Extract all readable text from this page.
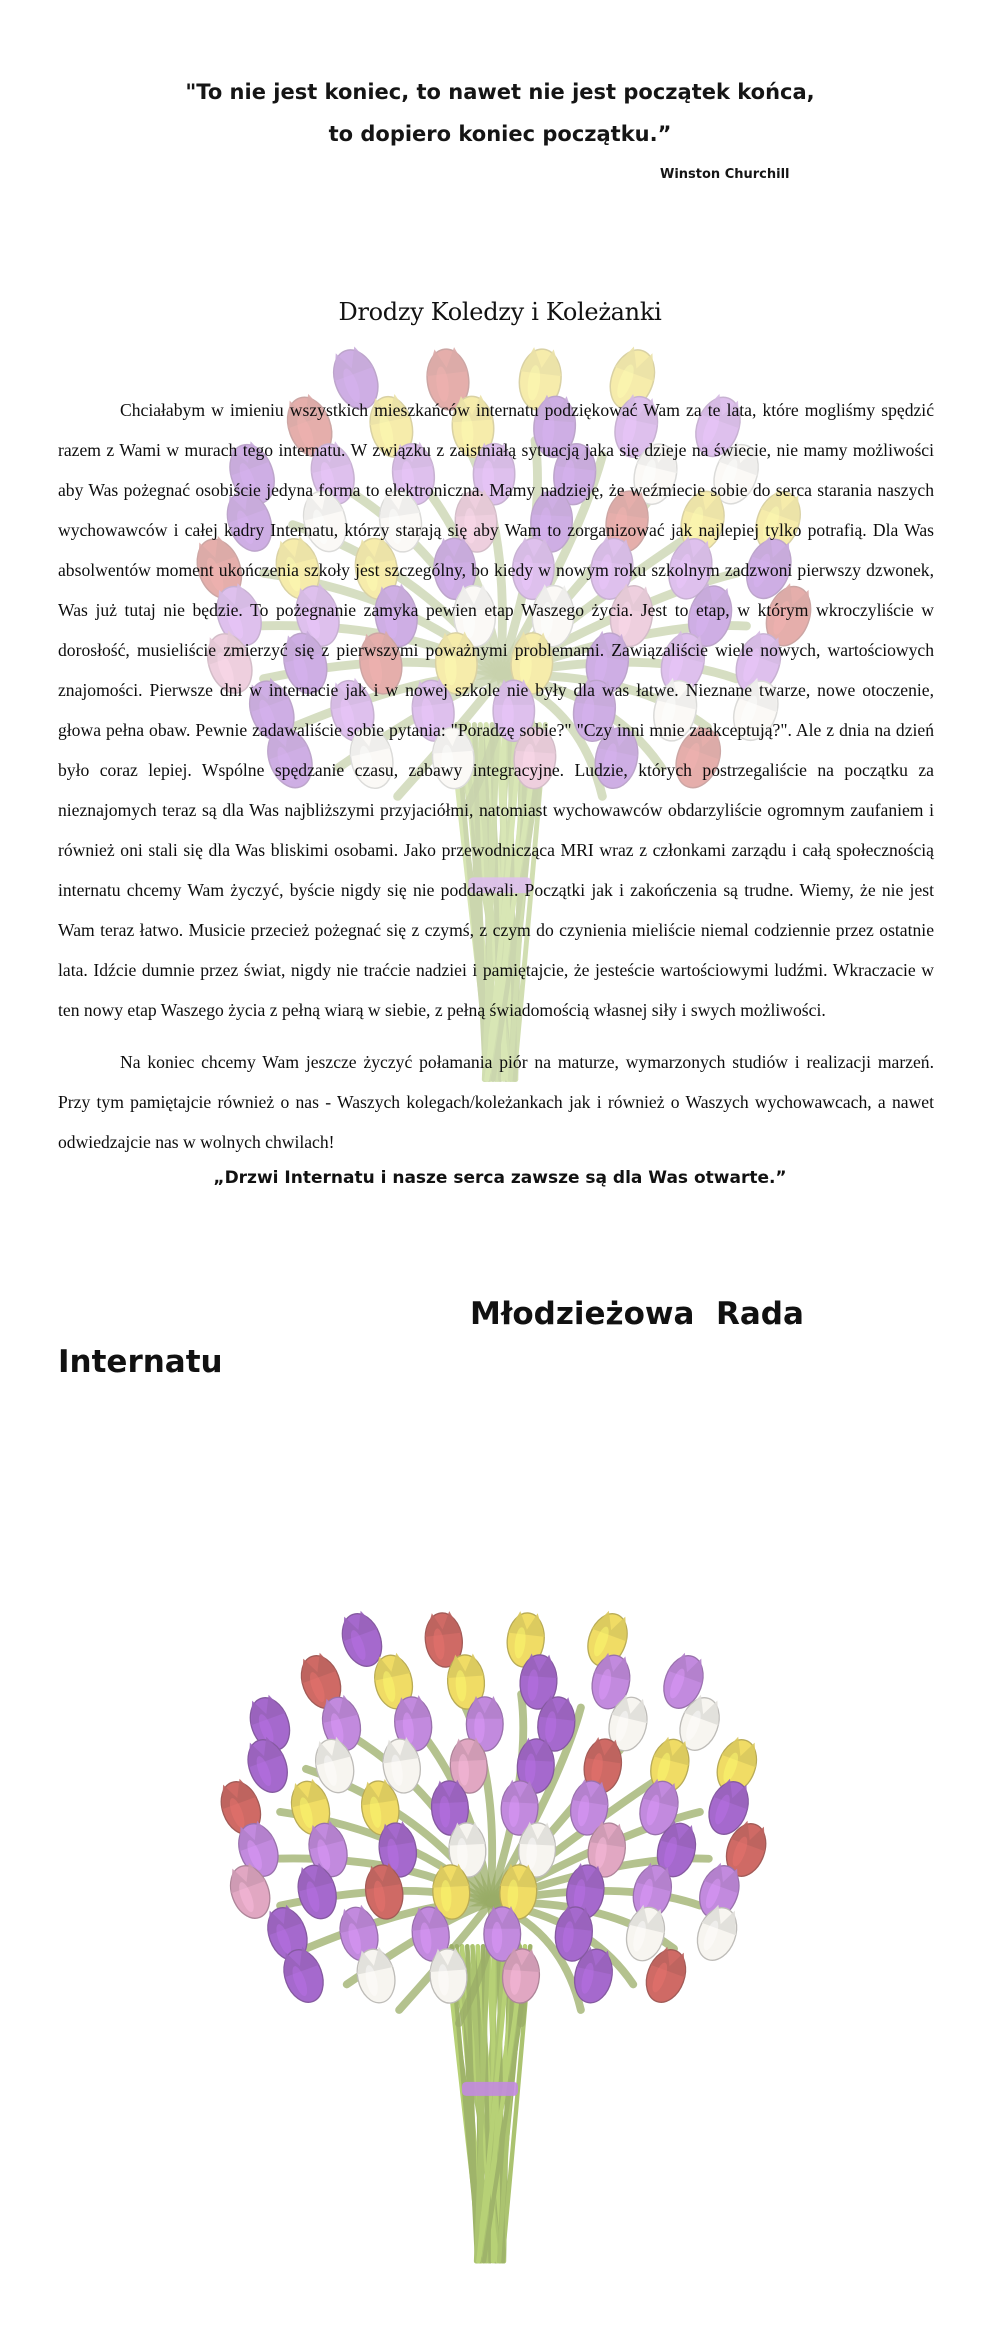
"To nie jest koniec, to nawet nie jest początek końca,
to dopiero koniec początku.”
Winston Churchill
Drodzy Koledzy i Koleżanki

Chciałabym w imieniu wszystkich mieszkańców internatu podziękować Wam za te lata, które mogliśmy spędzić razem z Wami w murach tego internatu. W związku z zaistniałą sytuacją jaka się dzieje na świecie, nie mamy możliwości aby Was pożegnać osobiście jedyna forma to elektroniczna. Mamy nadzieję, że weźmiecie sobie do serca starania naszych wychowawców i całej kadry Internatu, którzy starają się aby Wam to zorganizować jak najlepiej tylko potrafią. Dla Was absolwentów moment ukończenia szkoły jest szczególny, bo kiedy w nowym roku szkolnym zadzwoni pierwszy dzwonek, Was już tutaj nie będzie. To pożegnanie zamyka pewien etap Waszego życia. Jest to etap, w którym wkroczyliście w dorosłość, musieliście zmierzyć się z pierwszymi poważnymi problemami. Zawiązaliście wiele nowych, wartościowych znajomości. Pierwsze dni w internacie jak i w nowej szkole nie były dla was łatwe. Nieznane twarze, nowe otoczenie, głowa pełna obaw. Pewnie zadawaliście sobie pytania: "Poradzę sobie?" "Czy inni mnie zaakceptują?". Ale z dnia na dzień było coraz lepiej. Wspólne spędzanie czasu, zabawy integracyjne. Ludzie, których postrzegaliście na początku za nieznajomych teraz są dla Was najbliższymi przyjaciółmi, natomiast wychowawców obdarzyliście ogromnym zaufaniem i również oni stali się dla Was bliskimi osobami. Jako przewodnicząca MRI wraz z członkami zarządu i całą społecznością internatu chcemy Wam życzyć, byście nigdy się nie poddawali. Początki jak i zakończenia są trudne. Wiemy, że nie jest Wam teraz łatwo. Musicie przecież pożegnać się z czymś, z czym do czynienia mieliście niemal codziennie przez ostatnie lata. Idźcie dumnie przez świat, nigdy nie traćcie nadziei i pamiętajcie, że jesteście wartościowymi ludźmi. Wkraczacie w ten nowy etap Waszego życia z pełną wiarą w siebie, z pełną świadomością własnej siły i swych możliwości.

Na koniec chcemy Wam jeszcze życzyć połamania piór na maturze, wymarzonych studiów i realizacji marzeń. Przy tym pamiętajcie również o nas - Waszych kolegach/koleżankach jak i również o Waszych wychowawcach, a nawet odwiedzajcie nas w wolnych chwilach!

„Drzwi Internatu i nasze serca zawsze są dla Was otwarte.”
Młodzieżowa  Rada
Internatu
